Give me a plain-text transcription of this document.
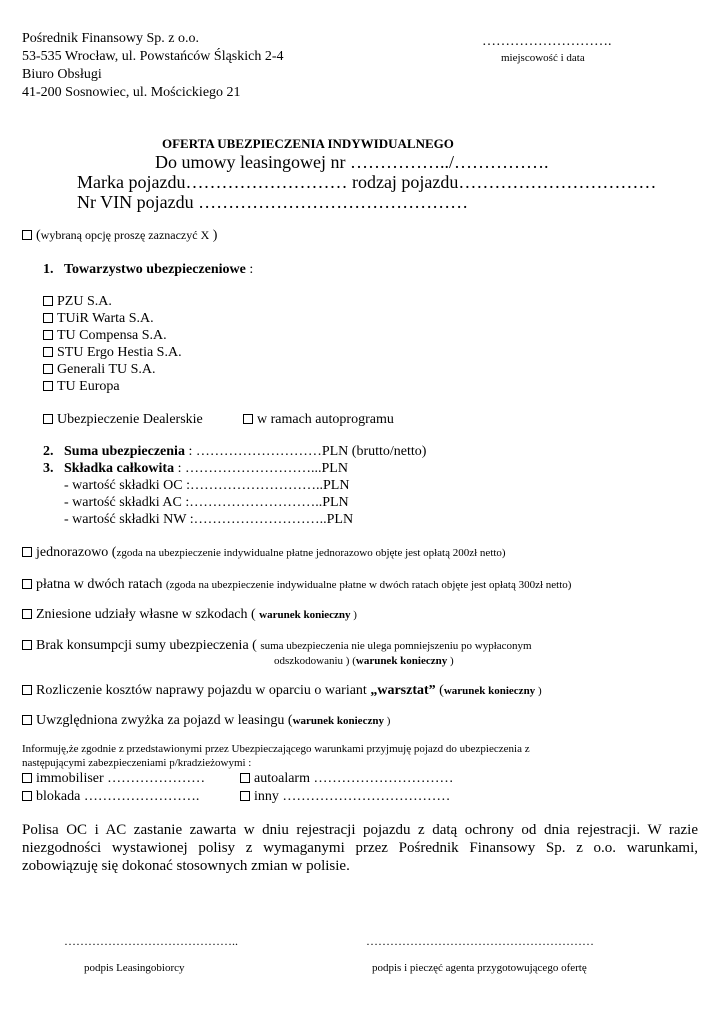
Pośrednik Finansowy Sp. z o.o.
53-535 Wrocław, ul. Powstańców Śląskich 2-4
Biuro Obsługi
41-200 Sosnowiec, ul. Mościckiego 21
……………………….
miejscowość i data
OFERTA UBEZPIECZENIA INDYWIDUALNEGO
Do umowy leasingowej nr ……………../…………….
Marka pojazdu……………………… rodzaj pojazdu……………………………
Nr VIN pojazdu ………………………………………
(wybraną opcję proszę zaznaczyć X )
1. Towarzystwo ubezpieczeniowe :
PZU S.A.
TUiR Warta S.A.
TU Compensa S.A.
STU Ergo Hestia S.A.
Generali TU S.A.
TU Europa
Ubezpieczenie Dealerskie	w ramach autoprogramu
2. Suma ubezpieczenia : ………………………PLN (brutto/netto)
3. Składka całkowita : ………………………...PLN
- wartość składki OC :………………………..PLN
- wartość składki AC :………………………..PLN
- wartość składki NW :………………………..PLN
jednorazowo (zgoda na ubezpieczenie indywidualne płatne jednorazowo objęte jest opłatą 200zł netto)
płatna w dwóch ratach (zgoda na ubezpieczenie indywidualne płatne w dwóch ratach objęte jest opłatą 300zł netto)
Zniesione udziały własne w szkodach ( warunek konieczny )
Brak konsumpcji sumy ubezpieczenia ( suma ubezpieczenia nie ulega pomniejszeniu po wypłaconym
odszkodowaniu ) (warunek konieczny )
Rozliczenie kosztów naprawy pojazdu w oparciu o wariant „warsztat” (warunek konieczny )
Uwzględniona zwyżka za pojazd w leasingu (warunek konieczny )
Informuję,że zgodnie z przedstawionymi przez Ubezpieczającego warunkami przyjmuję pojazd do ubezpieczenia z
następującymi zabezpieczeniami p/kradzieżowymi :
immobiliser …………………	autoalarm …………………………
blokada …………………….	inny ………………………………
Polisa OC i AC zastanie zawarta w dniu rejestracji pojazdu z datą ochrony od dnia rejestracji. W razie niezgodności wystawionej polisy z wymaganymi przez Pośrednik Finansowy Sp. z o.o. warunkami, zobowiązuję się dokonać stosownych zmian w polisie.
……………………………………..	…………………………………………………
podpis Leasingobiorcy	podpis i pieczęć agenta przygotowującego ofertę
